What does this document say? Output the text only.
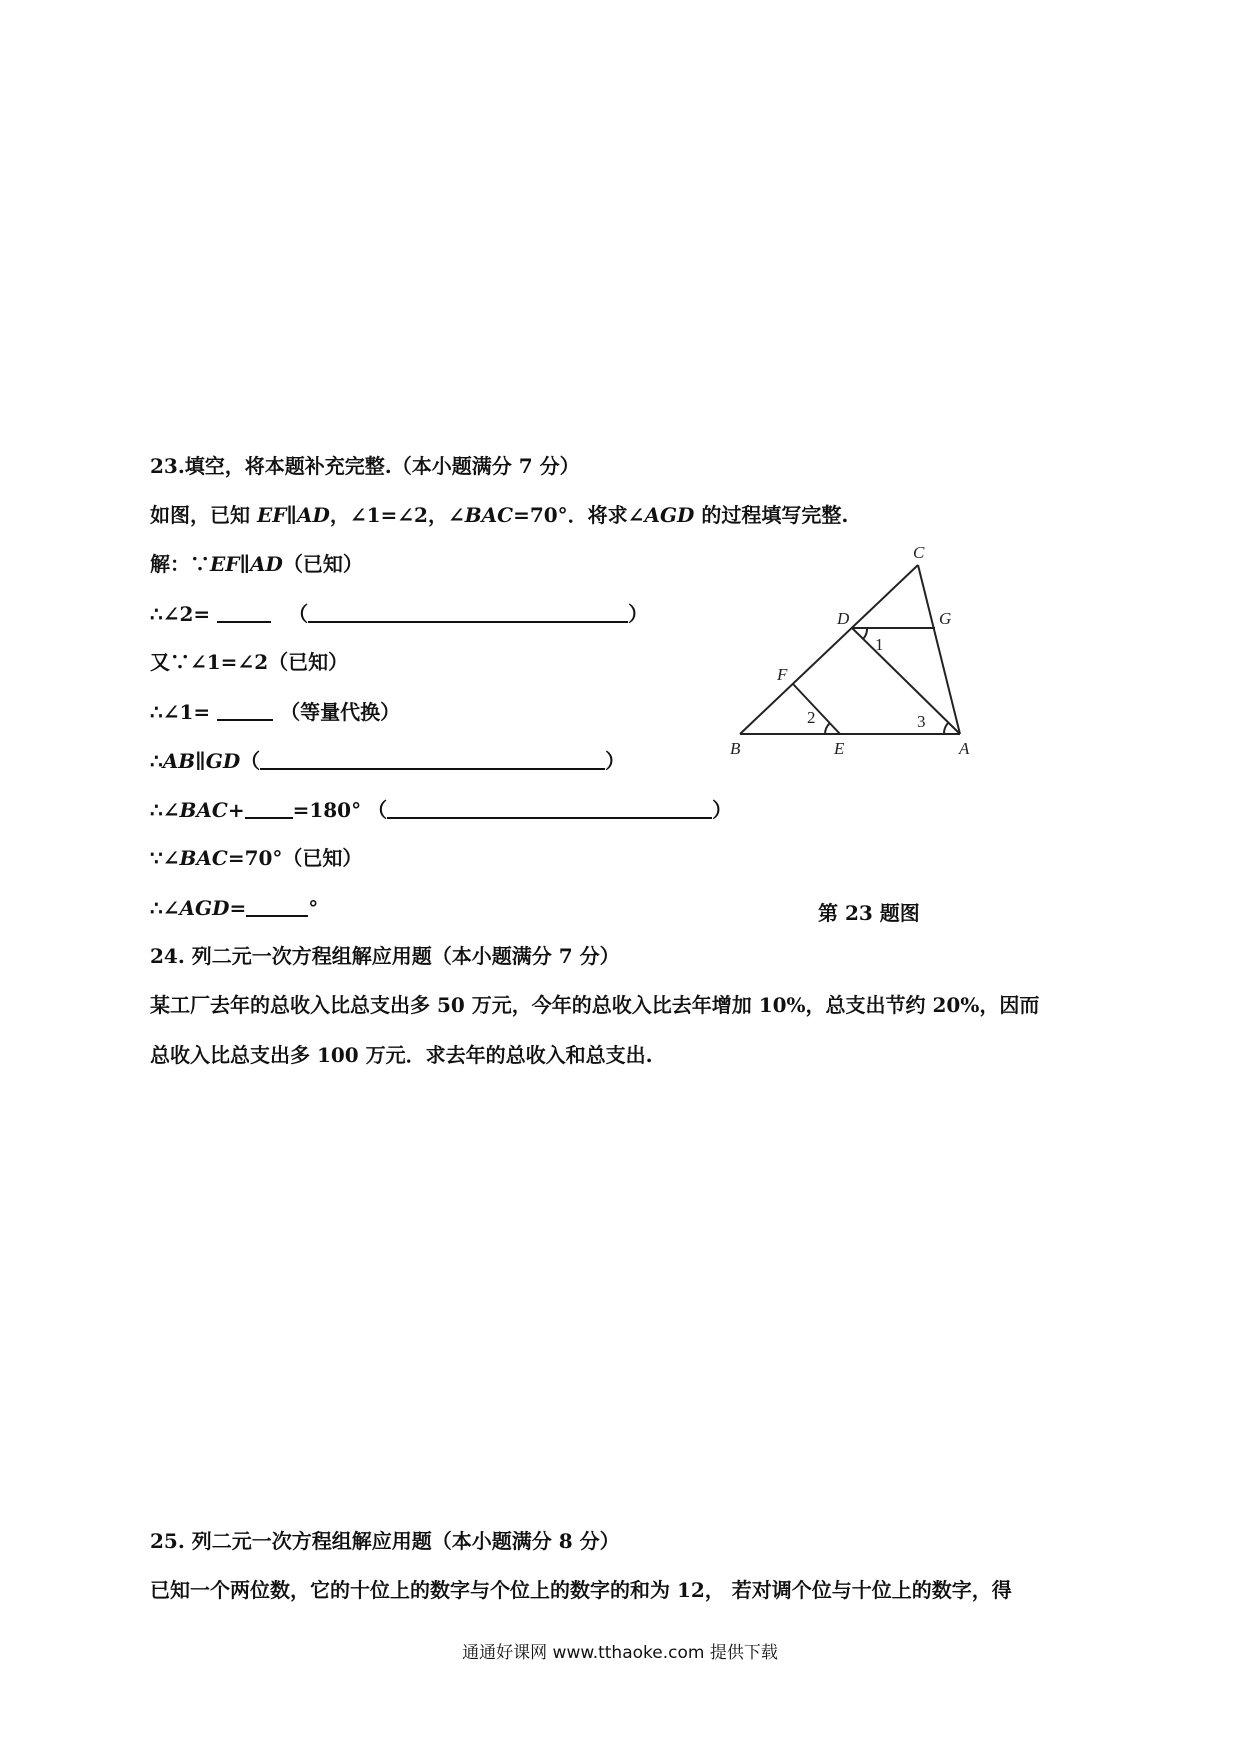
23.填空，将本题补充完整.（本小题满分 7 分）
如图，已知 EF∥AD，∠1=∠2，∠BAC=70°．将求∠AGD 的过程填写完整.
解：∵EF∥AD（已知）
∴∠2=	（	）
又∵∠1=∠2（已知）
∴∠1=	（等量代换）
∴AB∥GD（	）
∴∠BAC+ =180° （	）
∵∠BAC=70°（已知）
∴∠AGD=	°
C
D	G
F
B	E	A
1
2	3
第 23 题图
24. 列二元一次方程组解应用题（本小题满分 7 分）
某工厂去年的总收入比总支出多 50 万元，今年的总收入比去年增加 10%，总支出节约 20%，因而
总收入比总支出多 100 万元．求去年的总收入和总支出.
25. 列二元一次方程组解应用题（本小题满分 8 分）
已知一个两位数，它的十位上的数字与个位上的数字的和为 12， 若对调个位与十位上的数字，得
通通好课网 www.tthaoke.com 提供下载
